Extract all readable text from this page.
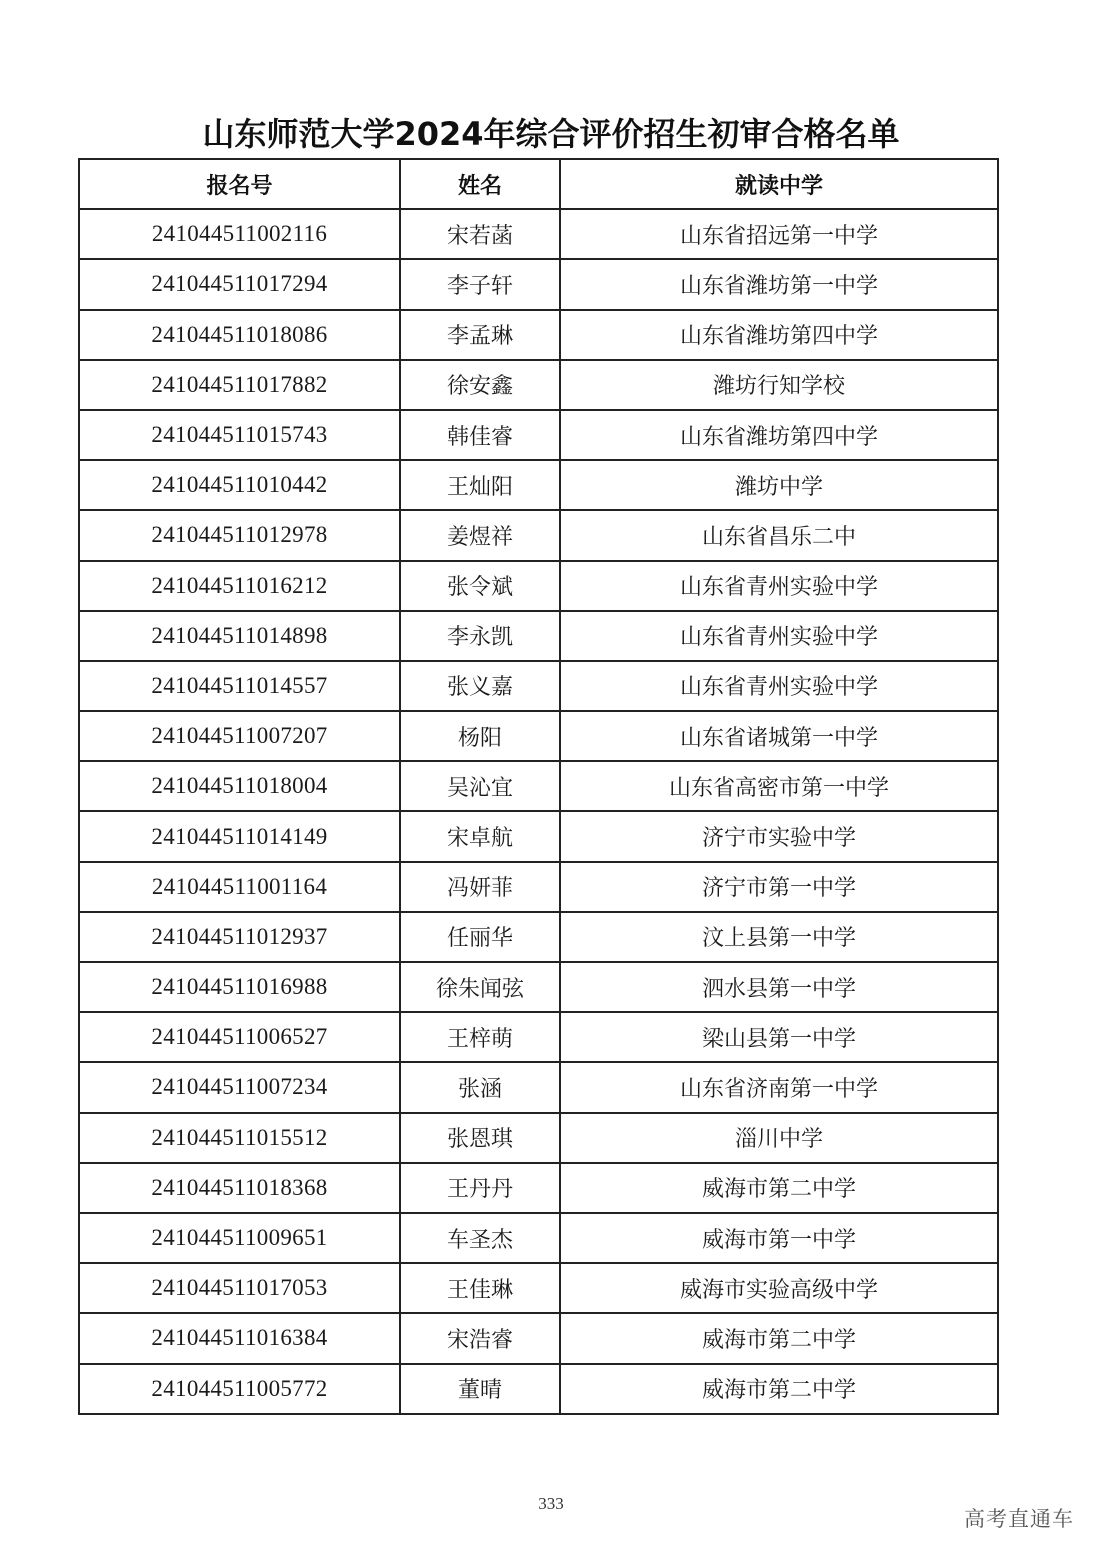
山东师范大学2024年综合评价招生初审合格名单
报名号	姓名	就读中学
241044511002116	宋若菡	山东省招远第一中学
241044511017294	李子轩	山东省潍坊第一中学
241044511018086	李孟琳	山东省潍坊第四中学
241044511017882	徐安鑫	潍坊行知学校
241044511015743	韩佳睿	山东省潍坊第四中学
241044511010442	王灿阳	潍坊中学
241044511012978	姜煜祥	山东省昌乐二中
241044511016212	张令斌	山东省青州实验中学
241044511014898	李永凯	山东省青州实验中学
241044511014557	张义嘉	山东省青州实验中学
241044511007207	杨阳	山东省诸城第一中学
241044511018004	吴沁宜	山东省高密市第一中学
241044511014149	宋卓航	济宁市实验中学
241044511001164	冯妍菲	济宁市第一中学
241044511012937	任丽华	汶上县第一中学
241044511016988	徐朱闻弦	泗水县第一中学
241044511006527	王梓萌	梁山县第一中学
241044511007234	张涵	山东省济南第一中学
241044511015512	张恩琪	淄川中学
241044511018368	王丹丹	威海市第二中学
241044511009651	车圣杰	威海市第一中学
241044511017053	王佳琳	威海市实验高级中学
241044511016384	宋浩睿	威海市第二中学
241044511005772	董晴	威海市第二中学
333
高考直通车
